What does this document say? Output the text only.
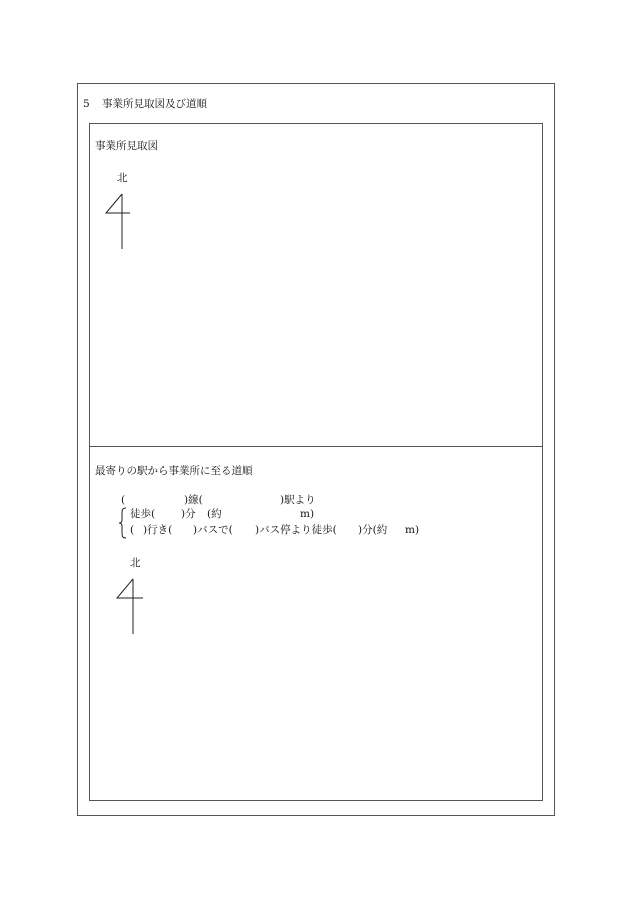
5 事業所見取図及び道順
事業所見取図
北
最寄りの駅から事業所に至る道順
(	)線(	)駅より
徒歩( )分 (約	m)
( )行き( )バスで( )バス停より徒歩( )分(約 m)
北
